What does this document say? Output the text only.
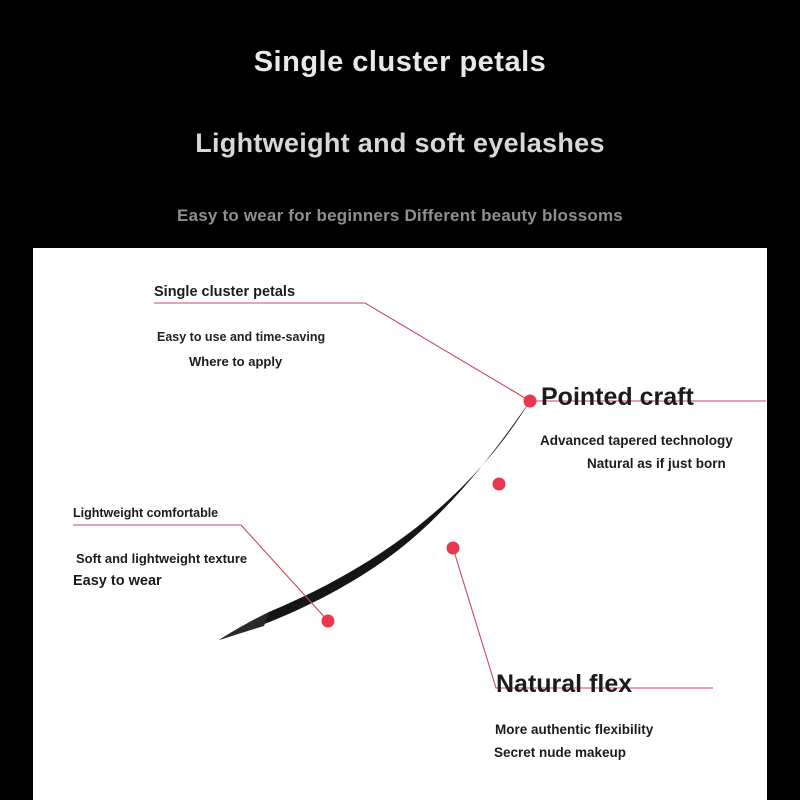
Single cluster petals
Lightweight and soft eyelashes
Easy to wear for beginners Different beauty blossoms
Single cluster petals
Easy to use and time-saving
Where to apply
Pointed craft
Advanced tapered technology
Natural as if just born
Lightweight comfortable
Soft and lightweight texture
Easy to wear
Natural flex
More authentic flexibility
Secret nude makeup
